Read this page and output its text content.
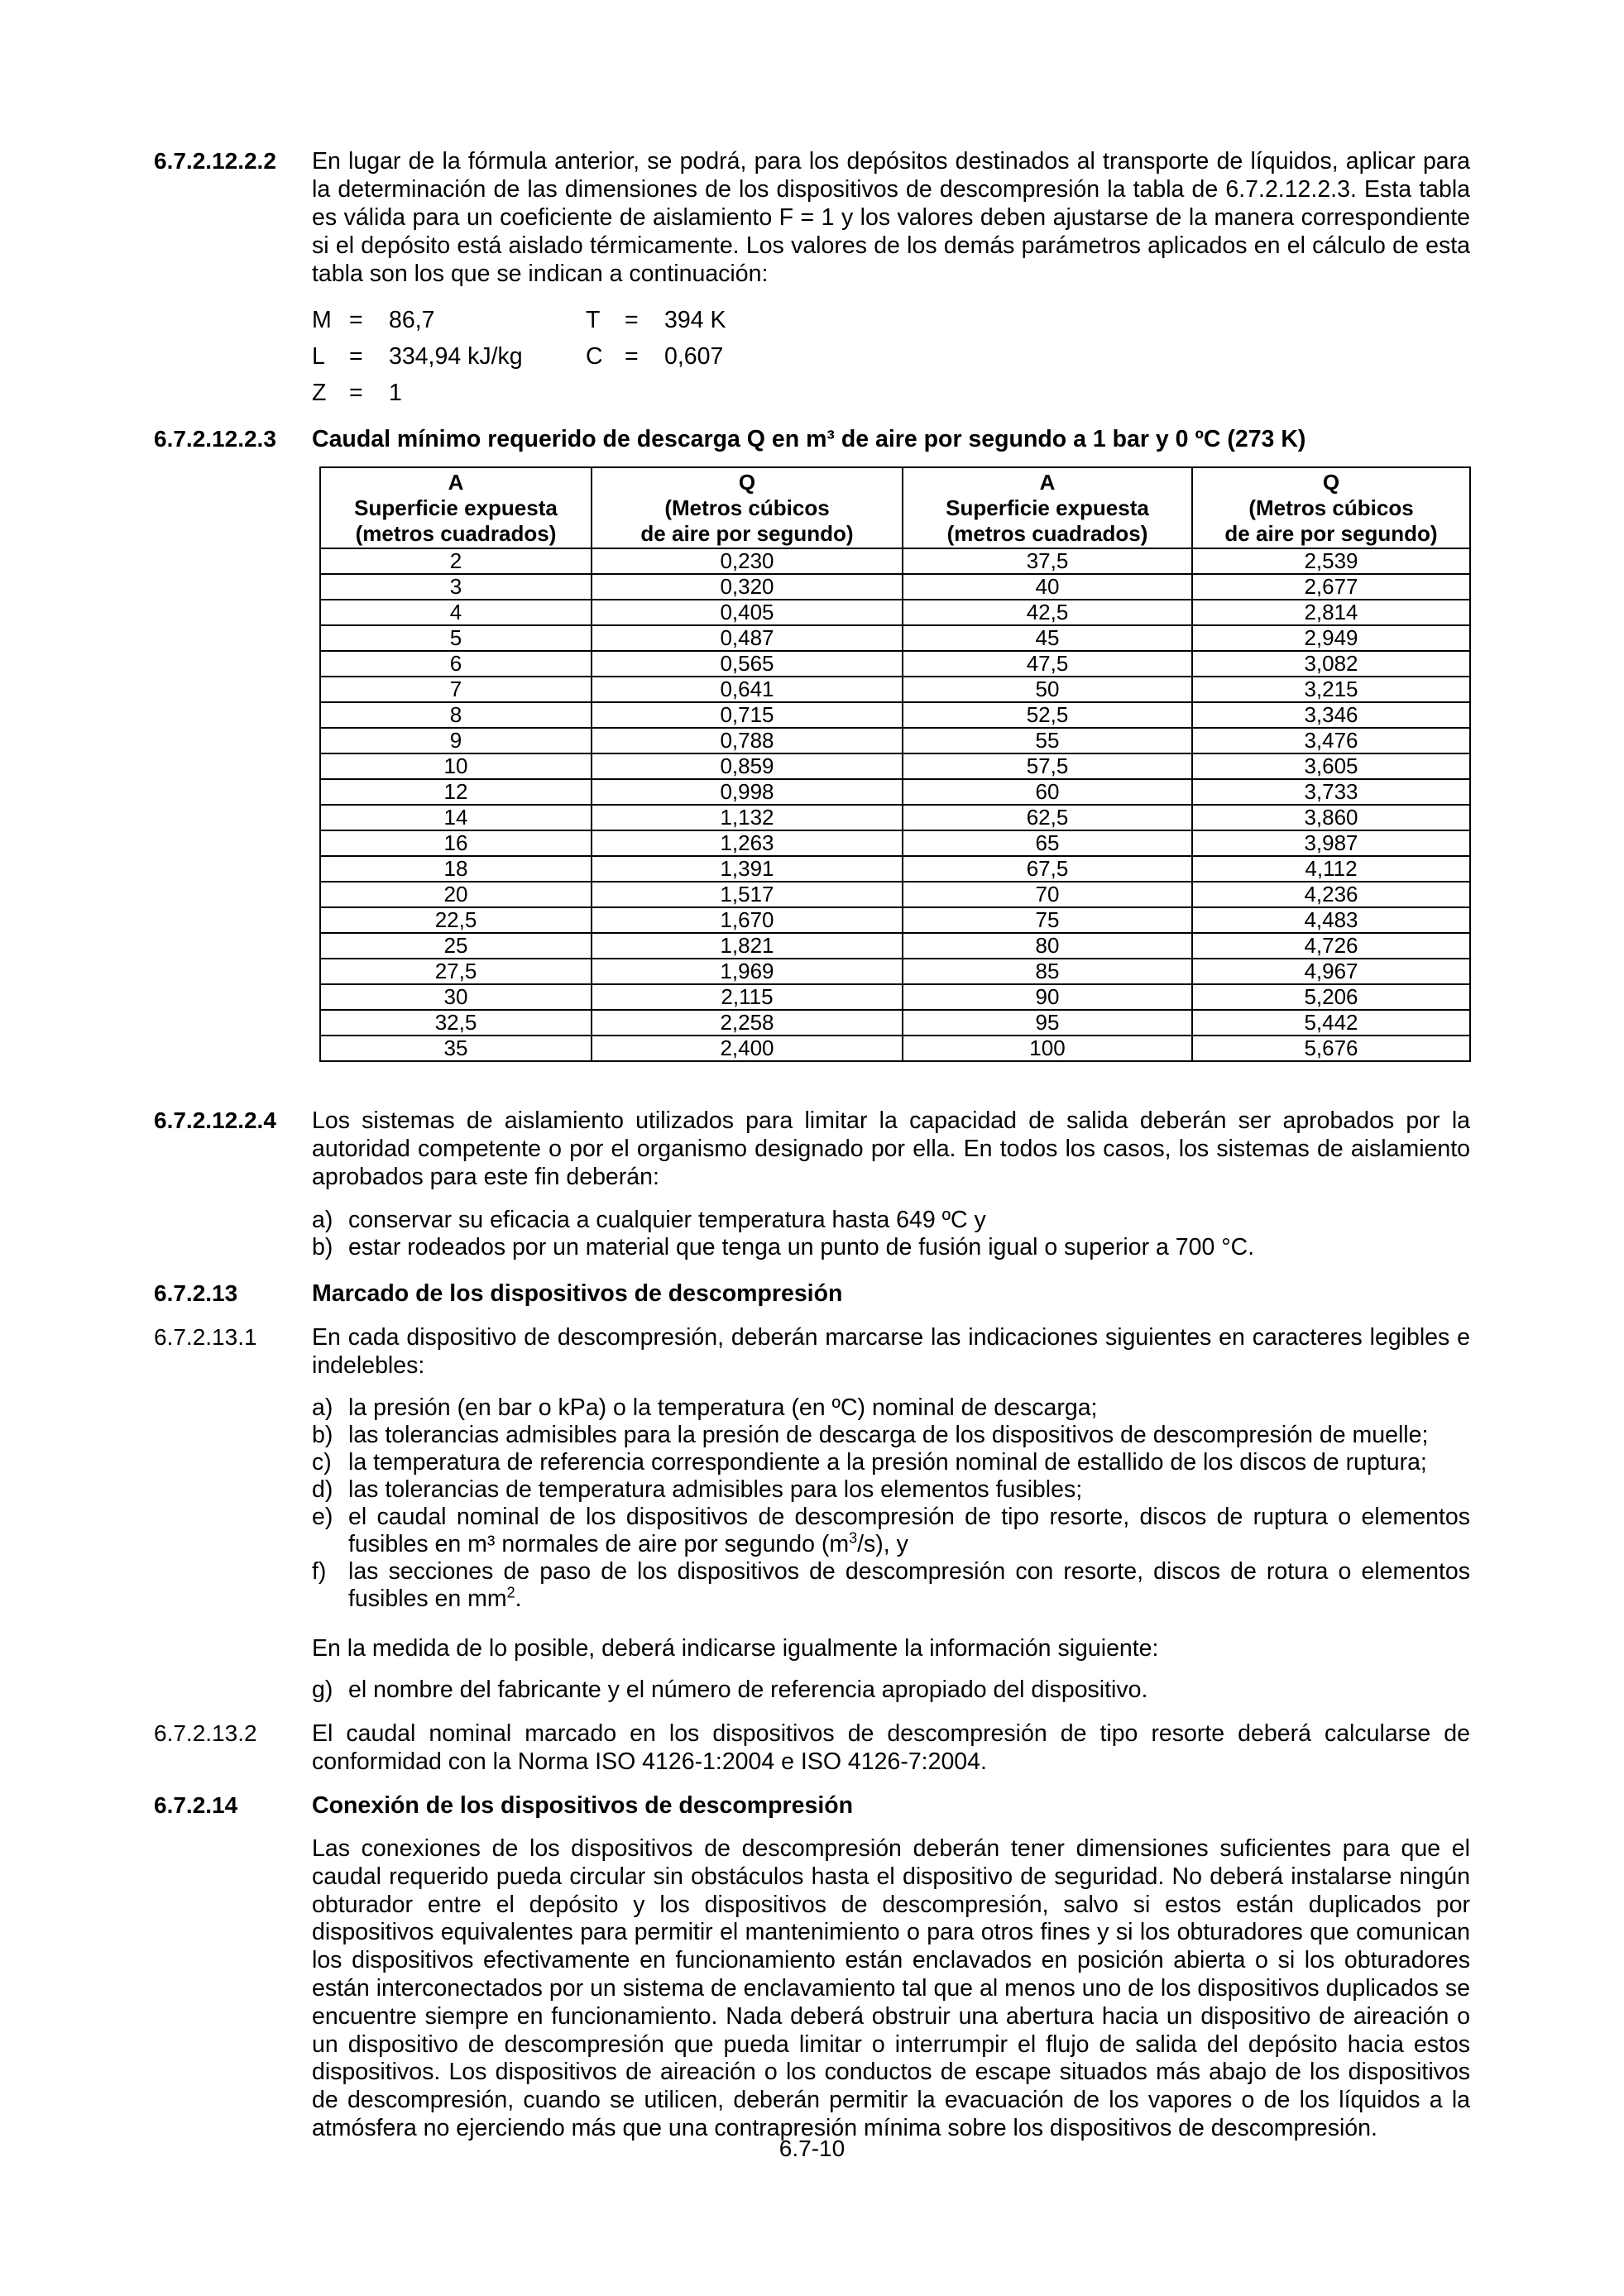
6.7.2.12.2.2 En lugar de la fórmula anterior, se podrá, para los depósitos destinados al transporte de líquidos, aplicar para la determinación de las dimensiones de los dispositivos de descompresión la tabla de 6.7.2.12.2.3. Esta tabla es válida para un coeficiente de aislamiento F = 1 y los valores deben ajustarse de la manera correspondiente si el depósito está aislado térmicamente. Los valores de los demás parámetros aplicados en el cálculo de esta tabla son los que se indican a continuación:
M = 86,7	T = 394 K
L = 334,94 kJ/kg	C = 0,607
Z = 1
6.7.2.12.2.3 Caudal mínimo requerido de descarga Q en m³ de aire por segundo a 1 bar y 0 ºC (273 K)
A
Superficie expuesta
(metros cuadrados)	Q
(Metros cúbicos
de aire por segundo)	A
Superficie expuesta
(metros cuadrados)	Q
(Metros cúbicos
de aire por segundo)
2	0,230	37,5	2,539
3	0,320	40	2,677
4	0,405	42,5	2,814
5	0,487	45	2,949
6	0,565	47,5	3,082
7	0,641	50	3,215
8	0,715	52,5	3,346
9	0,788	55	3,476
10	0,859	57,5	3,605
12	0,998	60	3,733
14	1,132	62,5	3,860
16	1,263	65	3,987
18	1,391	67,5	4,112
20	1,517	70	4,236
22,5	1,670	75	4,483
25	1,821	80	4,726
27,5	1,969	85	4,967
30	2,115	90	5,206
32,5	2,258	95	5,442
35	2,400	100	5,676
6.7.2.12.2.4 Los sistemas de aislamiento utilizados para limitar la capacidad de salida deberán ser aprobados por la autoridad competente o por el organismo designado por ella. En todos los casos, los sistemas de aislamiento aprobados para este fin deberán:
a) conservar su eficacia a cualquier temperatura hasta 649 ºC y
b) estar rodeados por un material que tenga un punto de fusión igual o superior a 700 °C.
6.7.2.13	Marcado de los dispositivos de descompresión
6.7.2.13.1 En cada dispositivo de descompresión, deberán marcarse las indicaciones siguientes en caracteres legibles e indelebles:
a) la presión (en bar o kPa) o la temperatura (en ºC) nominal de descarga;
b) las tolerancias admisibles para la presión de descarga de los dispositivos de descompresión de muelle;
c) la temperatura de referencia correspondiente a la presión nominal de estallido de los discos de ruptura;
d) las tolerancias de temperatura admisibles para los elementos fusibles;
e) el caudal nominal de los dispositivos de descompresión de tipo resorte, discos de ruptura o elementos fusibles en m³ normales de aire por segundo $(m^3/s)$, y
f) las secciones de paso de los dispositivos de descompresión con resorte, discos de rotura o elementos fusibles en $mm^2$.
En la medida de lo posible, deberá indicarse igualmente la información siguiente:
g) el nombre del fabricante y el número de referencia apropiado del dispositivo.
6.7.2.13.2 El caudal nominal marcado en los dispositivos de descompresión de tipo resorte deberá calcularse de conformidad con la Norma ISO 4126-1:2004 e ISO 4126-7:2004.
6.7.2.14	Conexión de los dispositivos de descompresión
Las conexiones de los dispositivos de descompresión deberán tener dimensiones suficientes para que el caudal requerido pueda circular sin obstáculos hasta el dispositivo de seguridad. No deberá instalarse ningún obturador entre el depósito y los dispositivos de descompresión, salvo si estos están duplicados por dispositivos equivalentes para permitir el mantenimiento o para otros fines y si los obturadores que comunican los dispositivos efectivamente en funcionamiento están enclavados en posición abierta o si los obturadores están interconectados por un sistema de enclavamiento tal que al menos uno de los dispositivos duplicados se encuentre siempre en funcionamiento. Nada deberá obstruir una abertura hacia un dispositivo de aireación o un dispositivo de descompresión que pueda limitar o interrumpir el flujo de salida del depósito hacia estos dispositivos. Los dispositivos de aireación o los conductos de escape situados más abajo de los dispositivos de descompresión, cuando se utilicen, deberán permitir la evacuación de los vapores o de los líquidos a la atmósfera no ejerciendo más que una contrapresión mínima sobre los dispositivos de descompresión.
6.7-10
